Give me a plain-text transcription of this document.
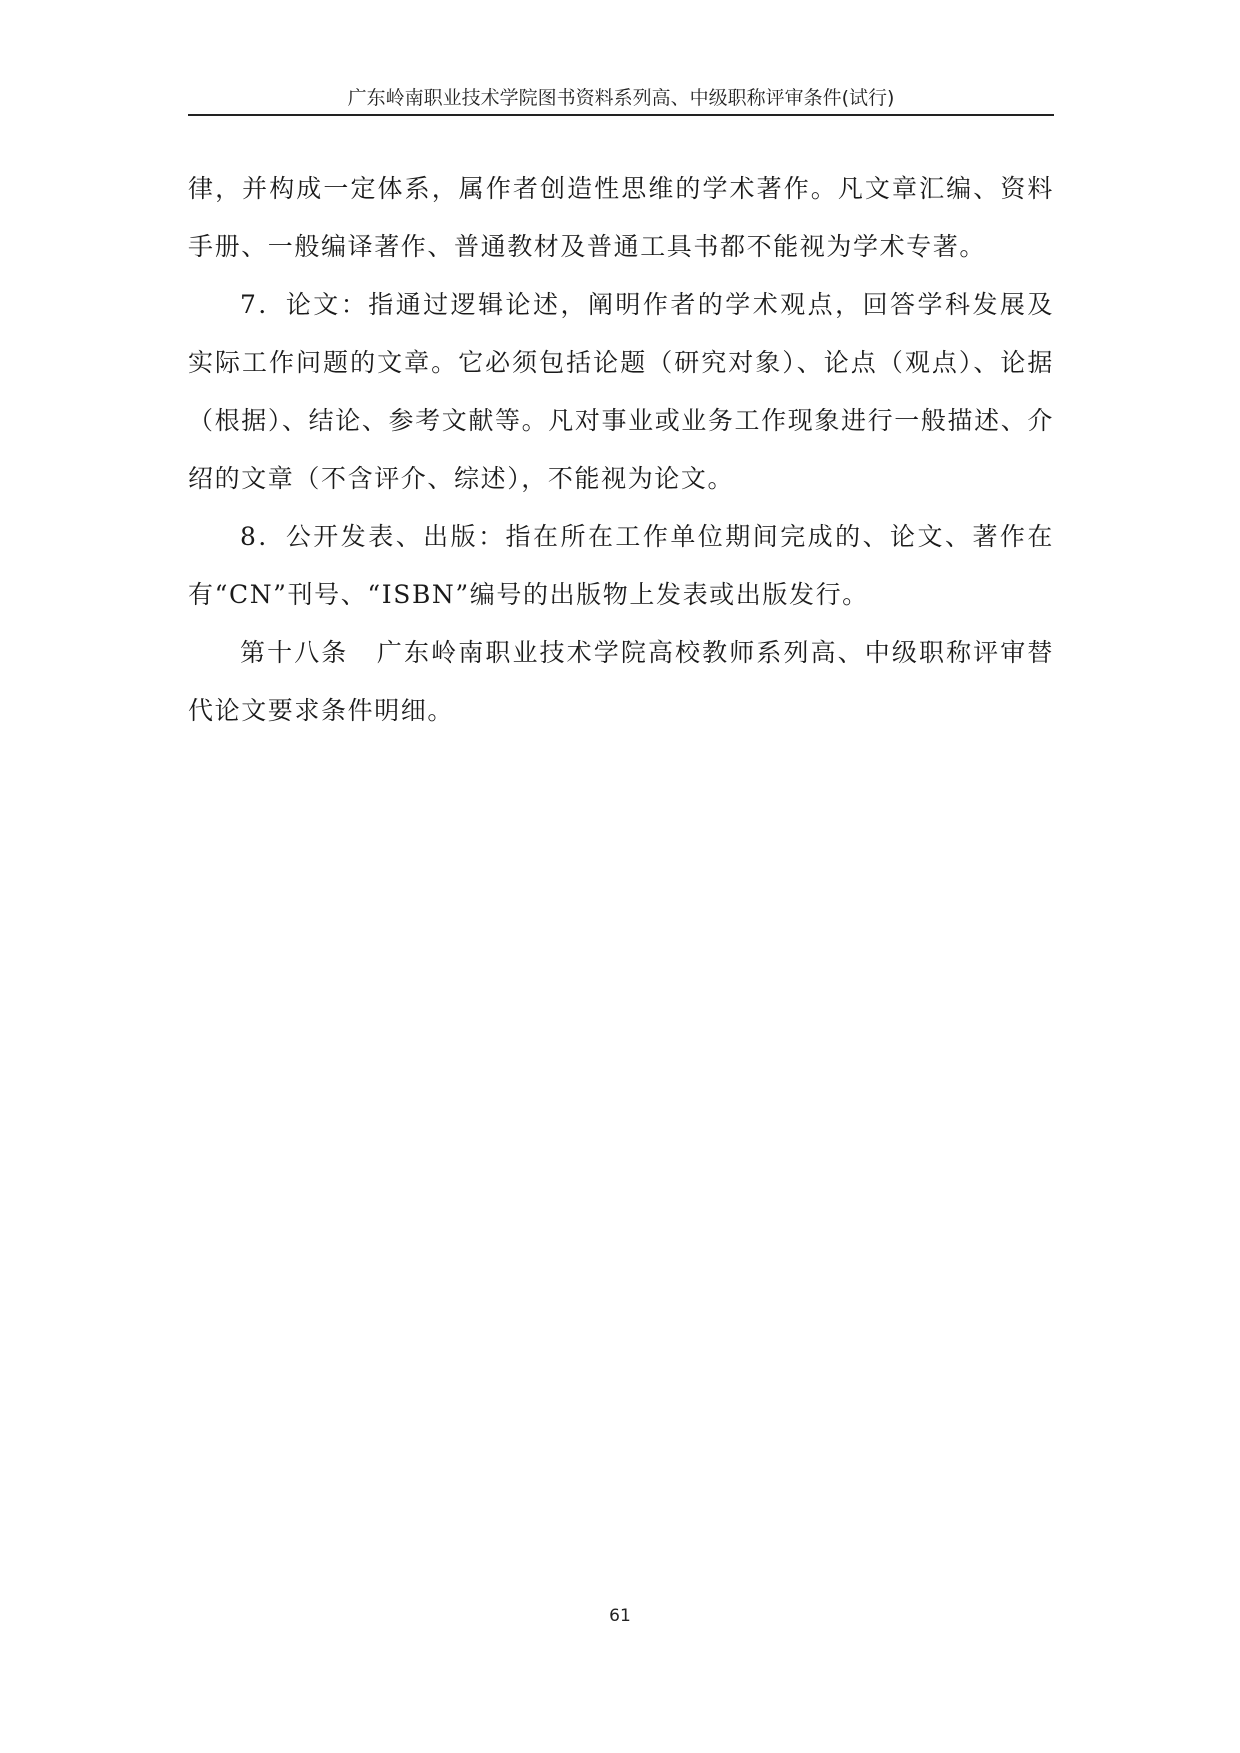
广东岭南职业技术学院图书资料系列高、中级职称评审条件(试行)

律，并构成一定体系，属作者创造性思维的学术著作。凡文章汇编、资料手册、一般编译著作、普通教材及普通工具书都不能视为学术专著。

7．论文：指通过逻辑论述，阐明作者的学术观点，回答学科发展及实际工作问题的文章。它必须包括论题（研究对象）、论点（观点）、论据（根据）、结论、参考文献等。凡对事业或业务工作现象进行一般描述、介绍的文章（不含评介、综述），不能视为论文。

8．公开发表、出版：指在所在工作单位期间完成的、论文、著作在有“CN”刊号、“ISBN”编号的出版物上发表或出版发行。

第十八条 广东岭南职业技术学院高校教师系列高、中级职称评审替代论文要求条件明细。

61
